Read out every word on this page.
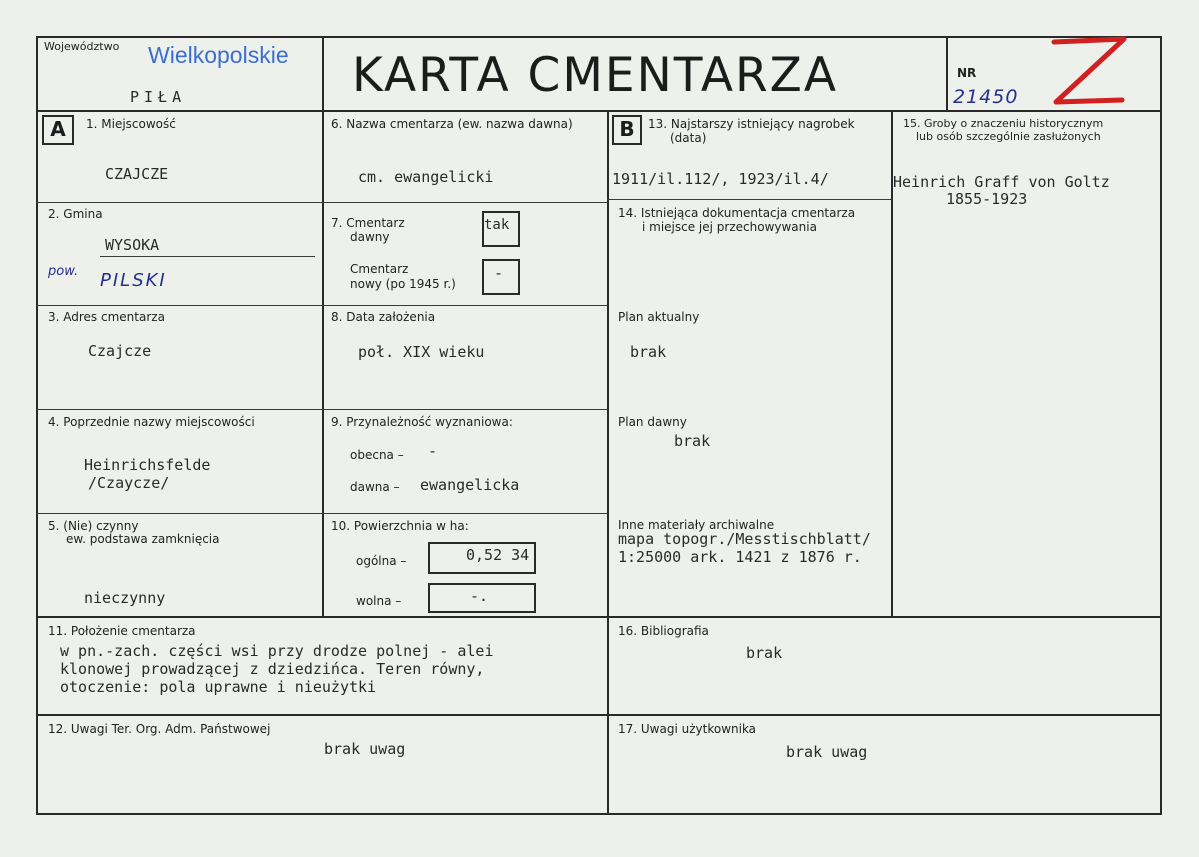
Województwo Wielkopolskie
PIŁA	KARTA CMENTARZA	NR
21450
A	1. Miejscowość
CZAJCZE
2. Gmina
WYSOKA
pow. PILSKI
3. Adres cmentarza
Czajcze
4. Poprzednie nazwy miejscowości
Heinrichsfelde
/Czaycze/
5. (Nie) czynny
ew. podstawa zamknięcia
nieczynny
6. Nazwa cmentarza (ew. nazwa dawna)
cm. ewangelicki
7. Cmentarz
dawny
tak
Cmentarz
nowy (po 1945 r.)
-
8. Data założenia
poł. XIX wieku
9. Przynależność wyznaniowa:
obecna – -
dawna – ewangelicka
10. Powierzchnia w ha:
ogólna –	0,52 34
wolna –	-.
B	13. Najstarszy istniejący nagrobek
(data)
1911/il.112/, 1923/il.4/
14. Istniejąca dokumentacja cmentarza
i miejsce jej przechowywania
Plan aktualny
brak
Plan dawny
brak
Inne materiały archiwalne
mapa topogr./Messtischblatt/
1:25000 ark. 1421 z 1876 r.
15. Groby o znaczeniu historycznym
lub osób szczególnie zasłużonych
Heinrich Graff von Goltz
1855-1923
11. Położenie cmentarza
w pn.-zach. części wsi przy drodze polnej - alei
klonowej prowadzącej z dziedzińca. Teren równy,
otoczenie: pola uprawne i nieużytki
16. Bibliografia
brak
12. Uwagi Ter. Org. Adm. Państwowej
brak uwag
17. Uwagi użytkownika
brak uwag
